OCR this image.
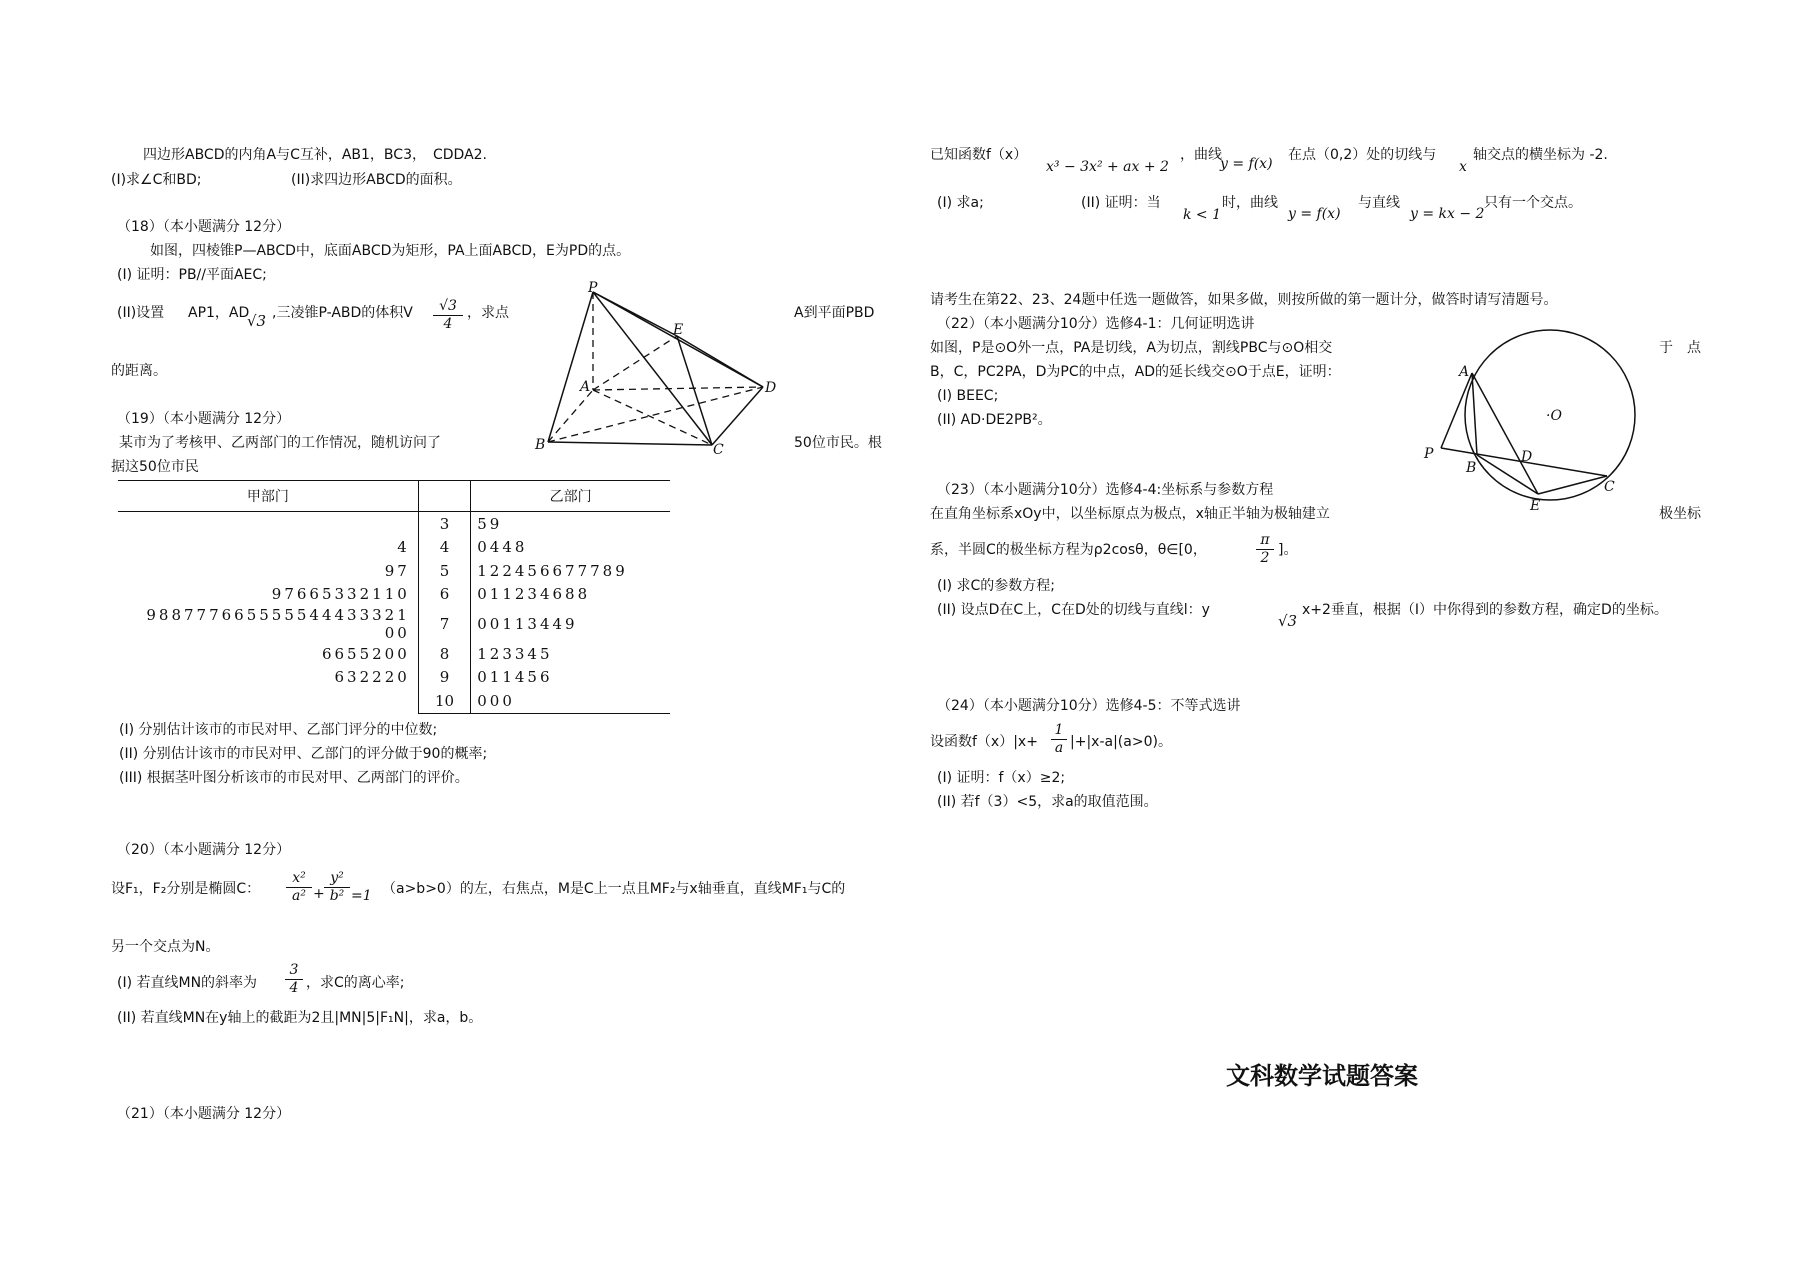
四边形ABCD的内角A与C互补，AB1，BC3，　CDDA2.
(I)求∠C和BD;	(II)求四边形ABCD的面积。
（18）（本小题满分 12分）
如图，四棱锥P—ABCD中，底面ABCD为矩形，PA上面ABCD，E为PD的点。
(I) 证明：PB//平面AEC;
(II)设置 AP1，AD
√3 ,三凌锥P-ABD的体积V $\frac{√3}{4}$ ，求点	A到平面PBD
的距离。
P
E
A	D
B	C
（19）（本小题满分 12分）
某市为了考核甲、乙两部门的工作情况，随机访问了	50位市民。根
据这50位市民
甲部门		乙部门
	3	59
4	4	0448
97	5	122456677789
97665332110	6	011234688
988777665555544433321 00	7	00113449
6655200	8	123345
632220	9	011456
	10	000
(I) 分别估计该市的市民对甲、乙部门评分的中位数;
(II) 分别估计该市的市民对甲、乙部门的评分做于90的概率;
(III) 根据茎叶图分析该市的市民对甲、乙两部门的评价。
（20）（本小题满分 12分）
设F₁，F₂分别是椭圆C： $\frac{\text{x²}}{\text{a²}} + \frac{\text{y²}}{\text{b²}} =1$ （a>b>0）的左，右焦点，M是C上一点且MF₂与x轴垂直，直线MF₁与C的
另一个交点为N。
(I) 若直线MN的斜率为 $\frac{3}{4}$ ，求C的离心率;
(II) 若直线MN在y轴上的截距为2且|MN|5|F₁N|，求a，b。
（21）（本小题满分 12分）
已知函数f（x）
x³ − 3x² + ax + 2
，曲线
y = f(x)
在点（0,2）处的切线与
x
轴交点的横坐标为 -2.
(I) 求a;	(II) 证明：当
k < 1
时，曲线
y = f(x)
与直线
y = kx − 2
只有一个交点。
请考生在第22、23、24题中任选一题做答，如果多做，则按所做的第一题计分，做答时请写清题号。
（22）（本小题满分10分）选修4-1：几何证明选讲
如图，P是⊙O外一点，PA是切线，A为切点，割线PBC与⊙O相交	于　点
B，C，PC2PA，D为PC的中点，AD的延长线交⊙O于点E，证明：
(I) BEEC;
(II) AD·DE2PB²。
A
·O
P
B
D
C
E
（23）（本小题满分10分）选修4-4:坐标系与参数方程
在直角坐标系xOy中，以坐标原点为极点，x轴正半轴为极轴建立	极坐标
系，半圆C的极坐标方程为ρ2cosθ，θ∈[0，	$\frac{\pi}{2}$ ]。
(I) 求C的参数方程;
(II) 设点D在C上，C在D处的切线与直线l：y
√3
x+2垂直，根据（I）中你得到的参数方程，确定D的坐标。
（24）（本小题满分10分）选修4-5：不等式选讲
设函数$f(x)|x+ \frac{1}{a} |+|x-a|(a>0)$。
(I) 证明：f（x）≥2;
(II) 若f（3）<5，求a的取值范围。
文科数学试题答案
